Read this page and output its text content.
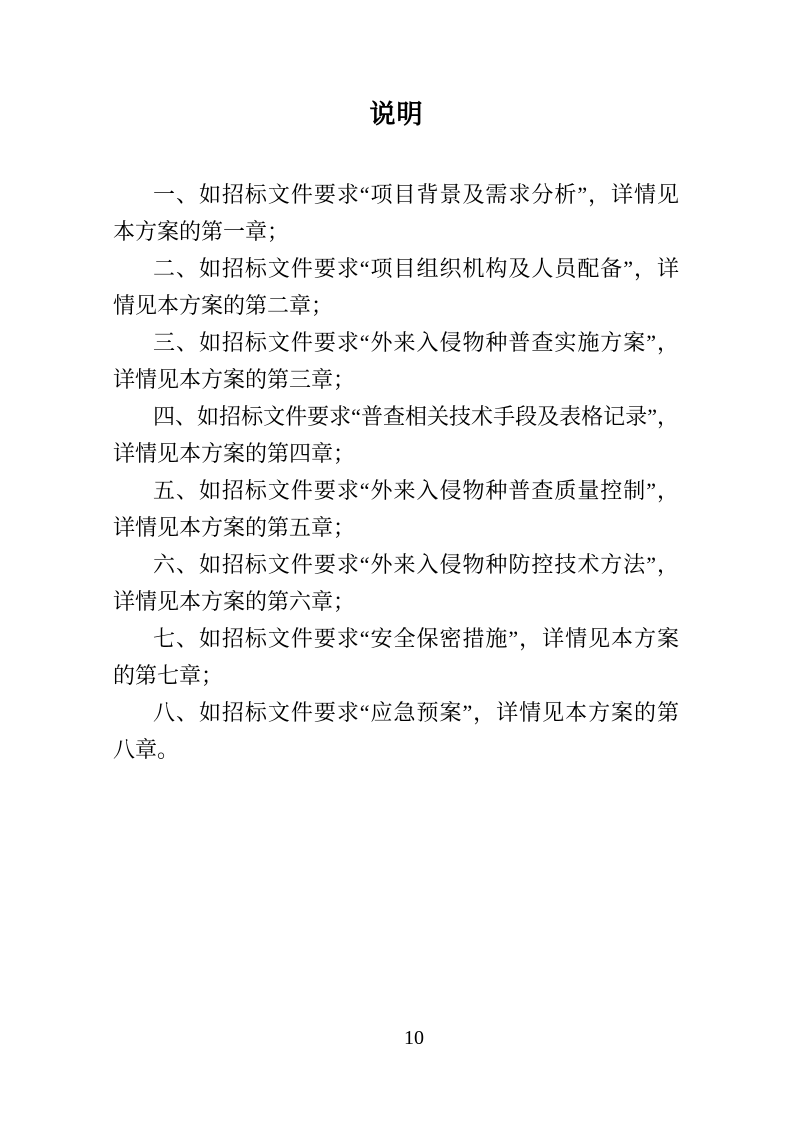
说明
一、如招标文件要求“项目背景及需求分析”，详情见
本方案的第一章；
二、如招标文件要求“项目组织机构及人员配备”，详
情见本方案的第二章；
三、如招标文件要求“外来入侵物种普查实施方案”，
详情见本方案的第三章；
四、如招标文件要求“普查相关技术手段及表格记录”，
详情见本方案的第四章；
五、如招标文件要求“外来入侵物种普查质量控制”，
详情见本方案的第五章；
六、如招标文件要求“外来入侵物种防控技术方法”，
详情见本方案的第六章；
七、如招标文件要求“安全保密措施”，详情见本方案
的第七章；
八、如招标文件要求“应急预案”，详情见本方案的第
八章。
10
